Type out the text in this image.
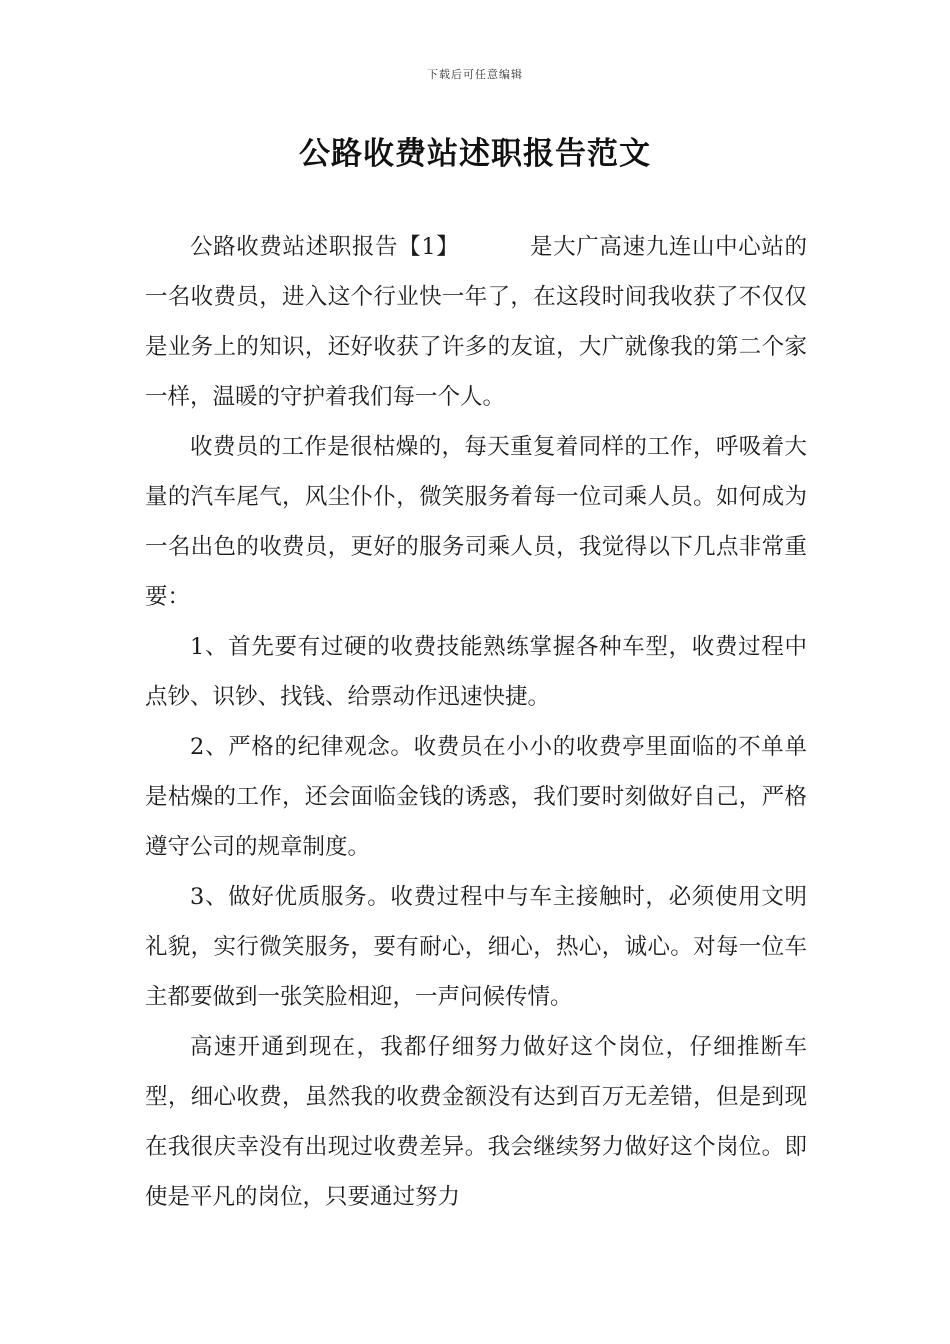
下载后可任意编辑
公路收费站述职报告范文

公路收费站述职报告【1】	是大广高速九连山中心站的一名收费员，进入这个行业快一年了，在这段时间我收获了不仅仅是业务上的知识，还好收获了许多的友谊，大广就像我的第二个家一样，温暖的守护着我们每一个人。

收费员的工作是很枯燥的，每天重复着同样的工作，呼吸着大量的汽车尾气，风尘仆仆，微笑服务着每一位司乘人员。如何成为一名出色的收费员，更好的服务司乘人员，我觉得以下几点非常重要：

1、首先要有过硬的收费技能熟练掌握各种车型，收费过程中点钞、识钞、找钱、给票动作迅速快捷。

2、严格的纪律观念。收费员在小小的收费亭里面临的不单单是枯燥的工作，还会面临金钱的诱惑，我们要时刻做好自己，严格遵守公司的规章制度。

3、做好优质服务。收费过程中与车主接触时，必须使用文明礼貌，实行微笑服务，要有耐心，细心，热心，诚心。对每一位车主都要做到一张笑脸相迎，一声问候传情。

高速开通到现在，我都仔细努力做好这个岗位，仔细推断车型，细心收费，虽然我的收费金额没有达到百万无差错，但是到现在我很庆幸没有出现过收费差异。我会继续努力做好这个岗位。即使是平凡的岗位，只要通过努力
